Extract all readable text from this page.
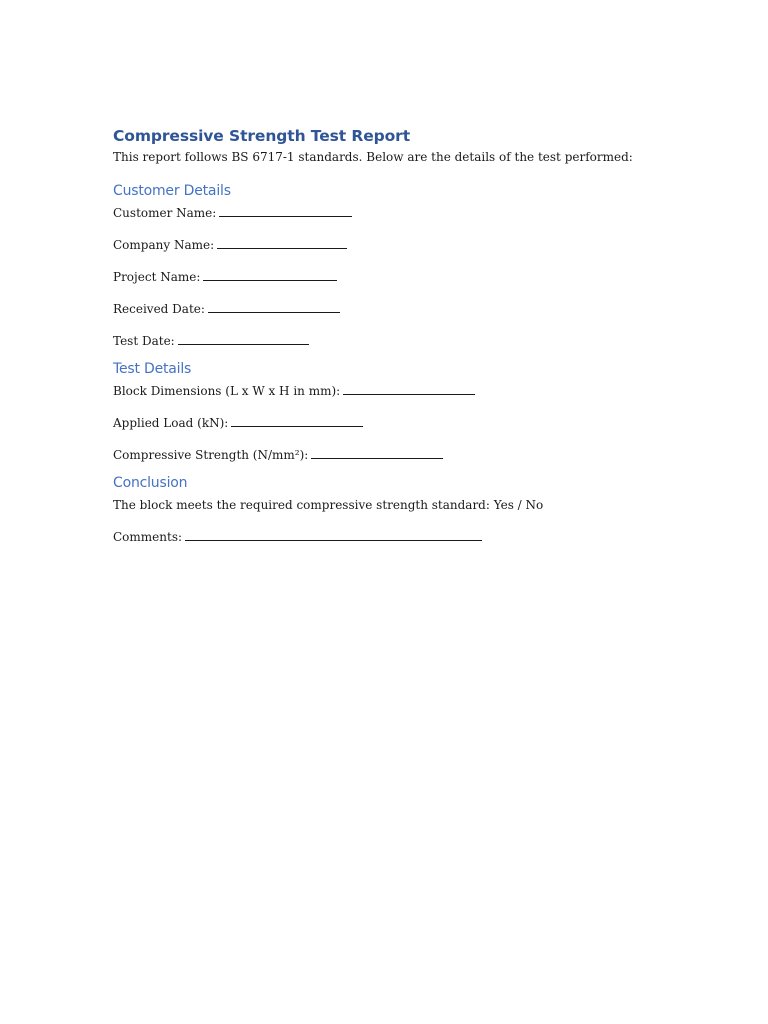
Compressive Strength Test Report

This report follows BS 6717-1 standards. Below are the details of the test performed:

Customer Details

Customer Name:

Company Name:

Project Name:

Received Date:

Test Date:

Test Details

Block Dimensions (L x W x H in mm):

Applied Load (kN):

Compressive Strength (N/mm²):

Conclusion

The block meets the required compressive strength standard: Yes / No

Comments:
